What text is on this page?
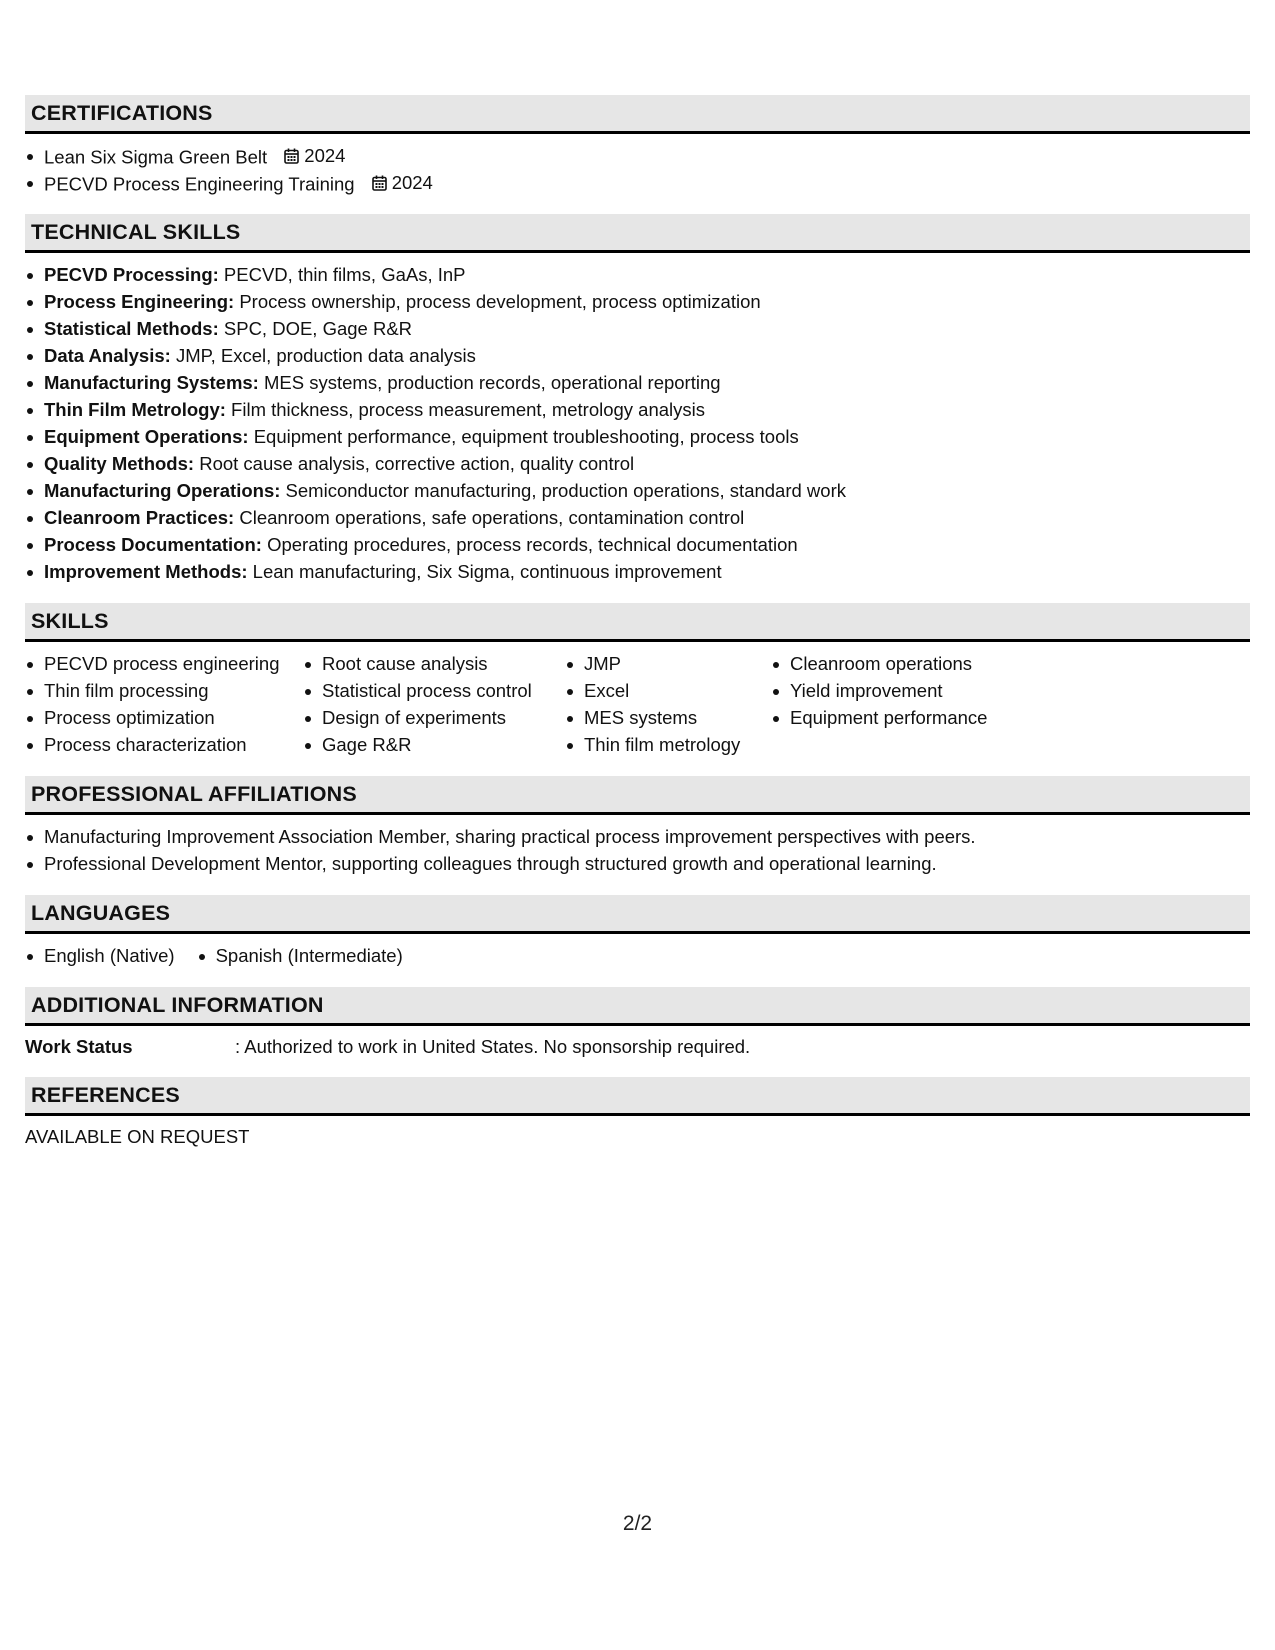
CERTIFICATIONS
Lean Six Sigma Green Belt 2024
PECVD Process Engineering Training 2024
TECHNICAL SKILLS
PECVD Processing: PECVD, thin films, GaAs, InP
Process Engineering: Process ownership, process development, process optimization
Statistical Methods: SPC, DOE, Gage R&R
Data Analysis: JMP, Excel, production data analysis
Manufacturing Systems: MES systems, production records, operational reporting
Thin Film Metrology: Film thickness, process measurement, metrology analysis
Equipment Operations: Equipment performance, equipment troubleshooting, process tools
Quality Methods: Root cause analysis, corrective action, quality control
Manufacturing Operations: Semiconductor manufacturing, production operations, standard work
Cleanroom Practices: Cleanroom operations, safe operations, contamination control
Process Documentation: Operating procedures, process records, technical documentation
Improvement Methods: Lean manufacturing, Six Sigma, continuous improvement
SKILLS
PECVD process engineering
Thin film processing
Process optimization
Process characterization
Root cause analysis
Statistical process control
Design of experiments
Gage R&R
JMP
Excel
MES systems
Thin film metrology
Cleanroom operations
Yield improvement
Equipment performance
PROFESSIONAL AFFILIATIONS
Manufacturing Improvement Association Member, sharing practical process improvement perspectives with peers.
Professional Development Mentor, supporting colleagues through structured growth and operational learning.
LANGUAGES
English (Native)	Spanish (Intermediate)
ADDITIONAL INFORMATION
Work Status	: Authorized to work in United States. No sponsorship required.
REFERENCES
AVAILABLE ON REQUEST
2/2
